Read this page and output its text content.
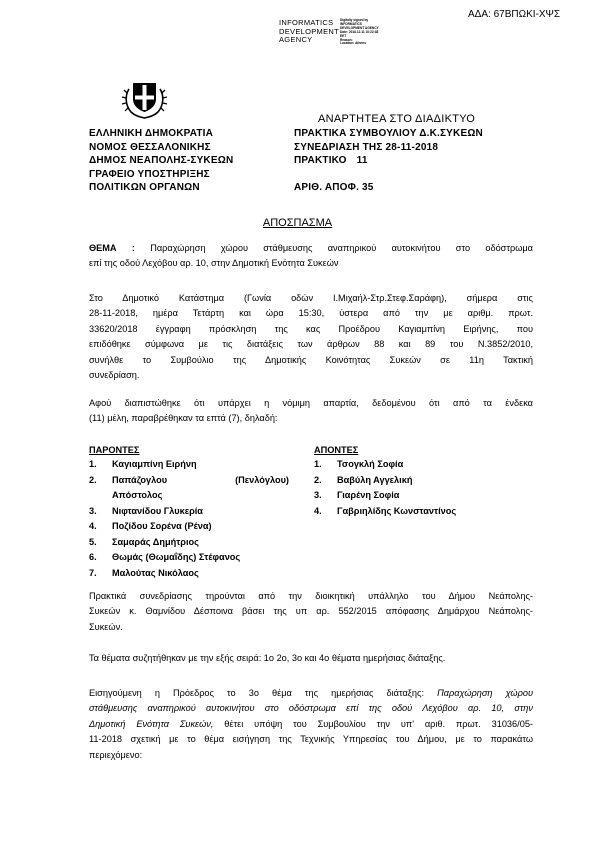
ΑΔΑ: 67ΒΠΩΚΙ-ΧΨΣ
INFORMATICS
DEVELOPMENT
AGENCY
Digitally signed by
INFORMATICS
DEVELOPMENT AGENCY
Date: 2018.12.11 10:22:38
EET
Reason:
Location: Athens
ΑΝΑΡΤΗΤΕΑ ΣΤΟ ΔΙΑΔΙΚΤΥΟ
ΕΛΛΗΝΙΚΗ ΔΗΜΟΚΡΑΤΙΑ
ΝΟΜΟΣ ΘΕΣΣΑΛΟΝΙΚΗΣ
ΔΗΜΟΣ ΝΕΑΠΟΛΗΣ-ΣΥΚΕΩΝ
ΓΡΑΦΕΙΟ ΥΠΟΣΤΗΡΙΞΗΣ
ΠΟΛΙΤΙΚΩΝ ΟΡΓΑΝΩΝ
ΠΡΑΚΤΙΚΑ ΣΥΜΒΟΥΛΙΟΥ Δ.Κ.ΣΥΚΕΩΝ
ΣΥΝΕΔΡΙΑΣΗ ΤΗΣ 28-11-2018
ΠΡΑΚΤΙΚΟ 11
ΑΡΙΘ. ΑΠΟΦ. 35
ΑΠΟΣΠΑΣΜΑ
ΘΕΜΑ : Παραχώρηση χώρου στάθμευσης αναπηρικού αυτοκινήτου στο οδόστρωμα
επί της οδού Λεχόβου αρ. 10, στην Δημοτική Ενότητα Συκεών
Στο Δημοτικό Κατάστημα (Γωνία οδών Ι.Μιχαήλ-Στρ.Στεφ.Σαράφη), σήμερα στις
28-11-2018, ημέρα Τετάρτη και ώρα 15:30, ύστερα από την με αριθμ. πρωτ.
33620/2018 έγγραφη πρόσκληση της κας Προέδρου Καγιαμπίνη Ειρήνης, που
επιδόθηκε σύμφωνα με τις διατάξεις των άρθρων 88 και 89 του Ν.3852/2010,
συνήλθε το Συμβούλιο της Δημοτικής Κοινότητας Συκεών σε 11η Τακτική
συνεδρίαση.
Αφού διαπιστώθηκε ότι υπάρχει η νόμιμη απαρτία, δεδομένου ότι από τα ένδεκα
(11) μέλη, παραβρέθηκαν τα επτά (7), δηλαδή:
ΠΑΡΟΝΤΕΣ
1. Καγιαμπίνη Ειρήνη
2. Παπάζογλου	(Πενλόγλου)
Απόστολος
3. Νιφτανίδου Γλυκερία
4. Ποζίδου Σορένα (Ρένα)
5. Σαμαράς Δημήτριος
6. Θωμάς (Θωμαΐδης) Στέφανος
7. Μαλούτας Νικόλαος
ΑΠΟΝΤΕΣ
1. Τσογκλή Σοφία
2. Βαβύλη Αγγελική
3. Γιαρένη Σοφία
4. Γαβριηλίδης Κωνσταντίνος
Πρακτικά συνεδρίασης τηρούνται από την διοικητική υπάλληλο του Δήμου Νεάπολης-
Συκεών κ. Θαμνίδου Δέσποινα βάσει της υπ αρ. 552/2015 απόφασης Δημάρχου Νεάπολης-
Συκεών.
Τα θέματα συζητήθηκαν με την εξής σειρά: 1ο 2ο, 3ο και 4ο θέματα ημερήσιας διάταξης.
Εισηγούμενη η Πρόεδρος το 3ο θέμα της ημερήσιας διάταξης: Παραχώρηση χώρου
στάθμευσης αναπηρικού αυτοκινήτου στο οδόστρωμα επί της οδού Λεχόβου αρ. 10, στην
Δημοτική Ενότητα Συκεών, θέτει υπόψη του Συμβουλίου την υπ' αριθ. πρωτ. 31036/05-
11-2018 σχετική με το θέμα εισήγηση της Τεχνικής Υπηρεσίας του Δήμου, με το παρακάτω
περιεχόμενο:
